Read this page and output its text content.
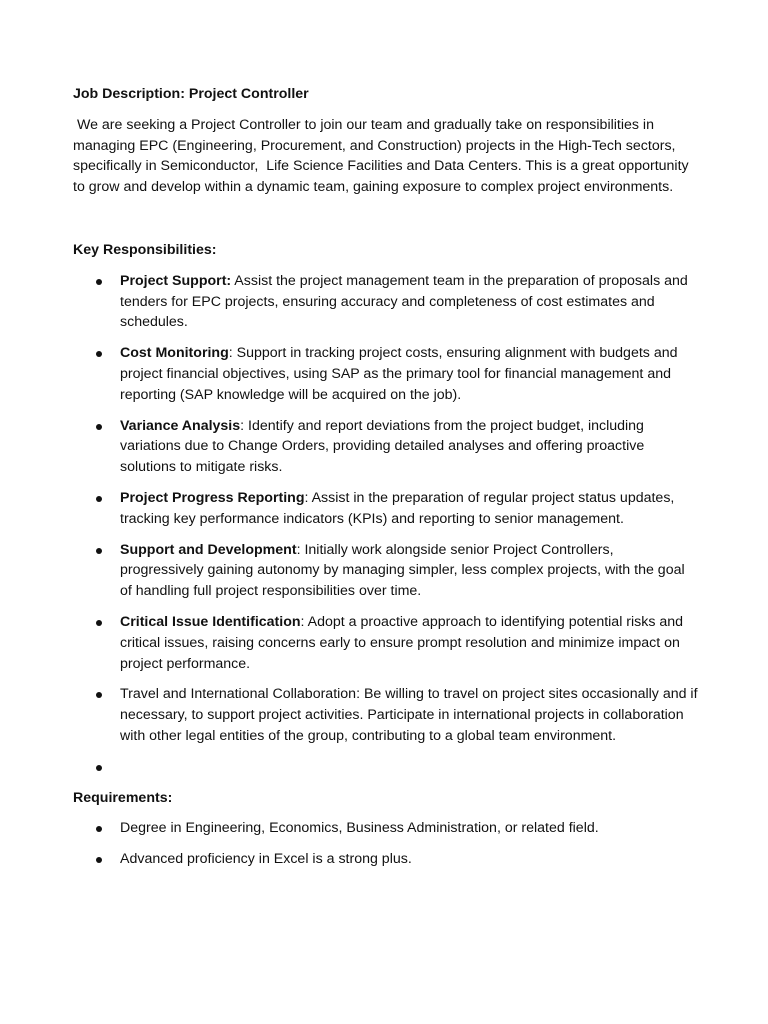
Job Description: Project Controller

We are seeking a Project Controller to join our team and gradually take on responsibilities in managing EPC (Engineering, Procurement, and Construction) projects in the High-Tech sectors, specifically in Semiconductor,  Life Science Facilities and Data Centers. This is a great opportunity to grow and develop within a dynamic team, gaining exposure to complex project environments.

Key Responsibilities:

Project Support: Assist the project management team in the preparation of proposals and tenders for EPC projects, ensuring accuracy and completeness of cost estimates and schedules.
Cost Monitoring: Support in tracking project costs, ensuring alignment with budgets and project financial objectives, using SAP as the primary tool for financial management and reporting (SAP knowledge will be acquired on the job).
Variance Analysis: Identify and report deviations from the project budget, including variations due to Change Orders, providing detailed analyses and offering proactive solutions to mitigate risks.
Project Progress Reporting: Assist in the preparation of regular project status updates, tracking key performance indicators (KPIs) and reporting to senior management.
Support and Development: Initially work alongside senior Project Controllers, progressively gaining autonomy by managing simpler, less complex projects, with the goal of handling full project responsibilities over time.
Critical Issue Identification: Adopt a proactive approach to identifying potential risks and critical issues, raising concerns early to ensure prompt resolution and minimize impact on project performance.
Travel and International Collaboration: Be willing to travel on project sites occasionally and if necessary, to support project activities. Participate in international projects in collaboration with other legal entities of the group, contributing to a global team environment.

Requirements:

Degree in Engineering, Economics, Business Administration, or related field.
Advanced proficiency in Excel is a strong plus.
